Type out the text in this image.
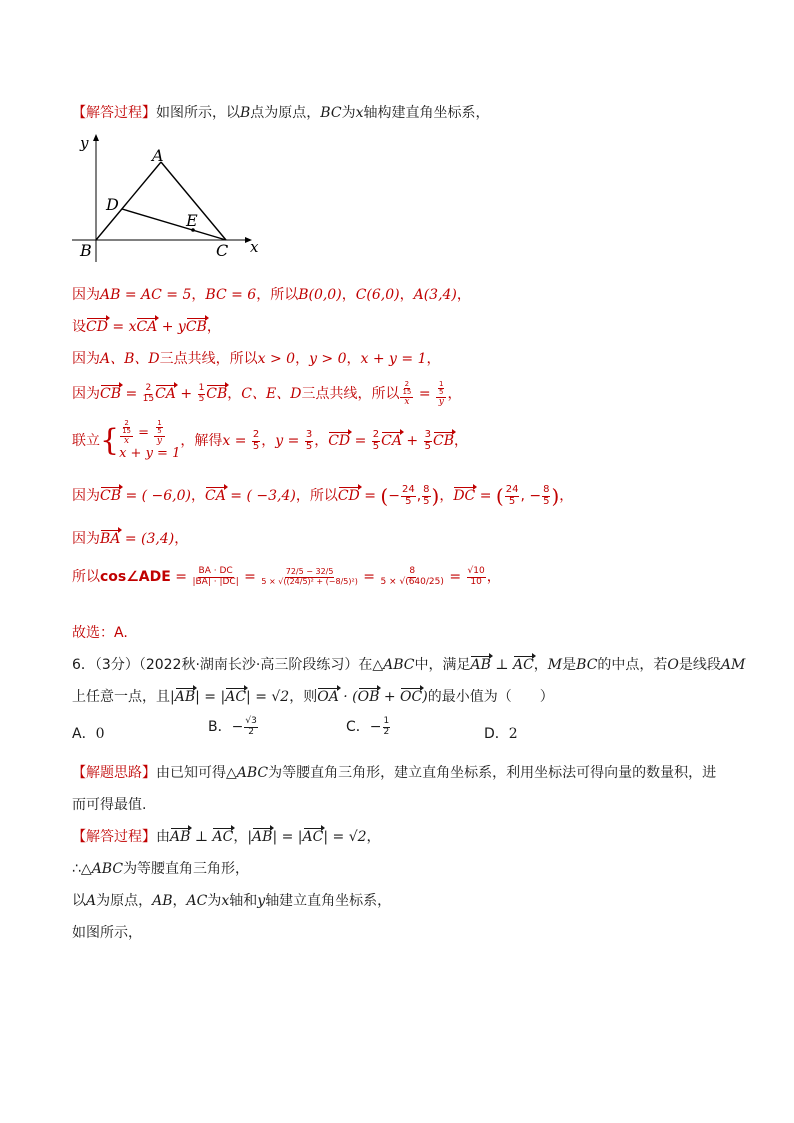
【解答过程】如图所示，以B点为原点，BC为x轴构建直角坐标系，
y
x
A
B	C
D
E
因为AB = AC = 5，BC = 6，所以B(0,0)，C(6,0)，A(3,4)，
设CD = xCA + yCB，
因为A、B、D三点共线，所以x > 0，y > 0，x + y = 1，
因为CB = $\frac{2}{15}$ CA + $\frac{1}{5}$ CB，C、E、D三点共线，所以 $\frac{\frac{2}{15}}{x} = \frac{\frac{1}{5}}{y}$ ，
联立{ $\frac{\frac{2}{15}}{x} = \frac{\frac{1}{5}}{y}$
x + y = 1
，解得$x = \frac{2}{5}$ ，$y = \frac{3}{5}$ ，CD = $\frac{2}{5}$ CA + $\frac{3}{5}$ CB，
因为CB = ( −6,0)，CA = ( −3,4)，所以CD = (− $\frac{24}{5}$ , $\frac{8}{5}$ )，DC = ( $\frac{24}{5}$ , − $\frac{8}{5}$ )，
因为BA = (3,4)，
所以cos∠ADE = $\frac{BA \cdot DC}{|BA| \cdot |DC|} = \frac{72/5 - 32/5}{\text{5 × √((24/5)² + (−8/5)²)}} = \frac{8}{5 \times √(640/25)} = \frac{√10}{10}$ ，
故选：A.
6．（3分）（2022秋·湖南长沙·高三阶段练习）在△ABC中，满足AB ⊥ AC，M是BC的中点，若O是线段AM
上任意一点，且|AB| = |AC| = √2，则OA · (OB + OC)的最小值为（　　）
A．0	B．− $\frac{√3}{2}$	C．− $\frac{1}{2}$	D．2
【解题思路】由已知可得△ABC为等腰直角三角形，建立直角坐标系，利用坐标法可得向量的数量积，进
而可得最值.
【解答过程】由AB ⊥ AC，|AB| = |AC| = √2，
∴△ABC为等腰直角三角形，
以A为原点，AB，AC为x轴和y轴建立直角坐标系，
如图所示，
